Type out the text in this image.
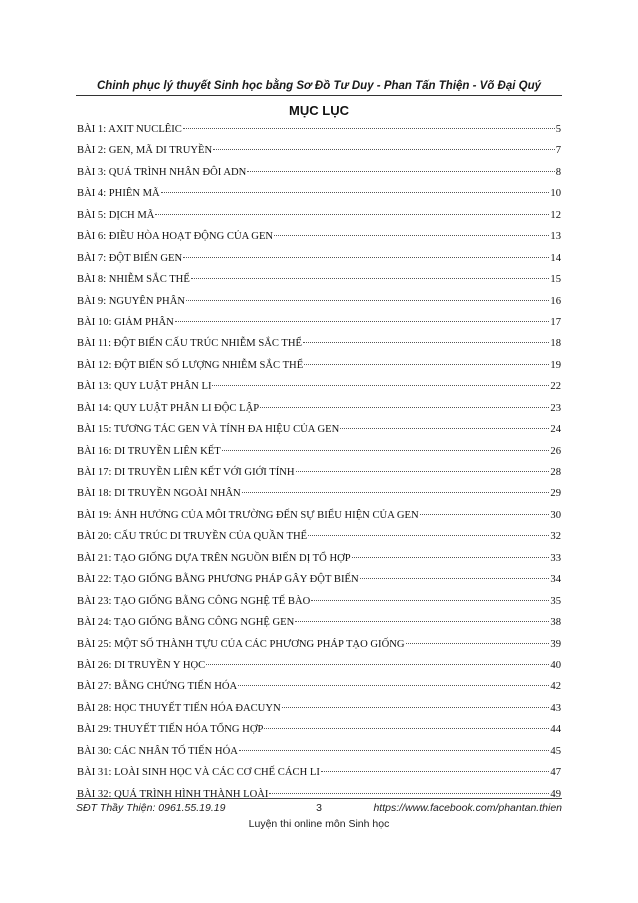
Chinh phục lý thuyết Sinh học bằng Sơ Đồ Tư Duy - Phan Tấn Thiện - Võ Đại Quý
MỤC LỤC
BÀI 1: AXIT NUCLÊIC	5
BÀI 2: GEN, MÃ DI TRUYỀN	7
BÀI 3: QUÁ TRÌNH NHÂN ĐÔI ADN	8
BÀI 4: PHIÊN MÃ	10
BÀI 5: DỊCH MÃ	12
BÀI 6: ĐIỀU HÒA HOẠT ĐỘNG CỦA GEN	13
BÀI 7: ĐỘT BIẾN GEN	14
BÀI 8: NHIỄM SẮC THỂ	15
BÀI 9: NGUYÊN PHÂN	16
BÀI 10: GIẢM PHÂN	17
BÀI 11: ĐỘT BIẾN CẤU TRÚC NHIỄM SẮC THỂ	18
BÀI 12: ĐỘT BIẾN SỐ LƯỢNG NHIỄM SẮC THỂ	19
BÀI 13: QUY LUẬT PHÂN LI	22
BÀI 14: QUY LUẬT PHÂN LI ĐỘC LẬP	23
BÀI 15: TƯƠNG TÁC GEN VÀ TÍNH ĐA HIỆU CỦA GEN	24
BÀI 16: DI TRUYỀN LIÊN KẾT	26
BÀI 17: DI TRUYỀN LIÊN KẾT VỚI GIỚI TÍNH	28
BÀI 18: DI TRUYỀN NGOÀI NHÂN	29
BÀI 19: ẢNH HƯỞNG CỦA MÔI TRƯỜNG ĐẾN SỰ BIỂU HIỆN CỦA GEN	30
BÀI 20: CẤU TRÚC DI TRUYỀN CỦA QUẦN THỂ	32
BÀI 21: TẠO GIỐNG DỰA TRÊN NGUỒN BIẾN DỊ TỔ HỢP	33
BÀI 22: TẠO GIỐNG BẰNG PHƯƠNG PHÁP GÂY ĐỘT BIẾN	34
BÀI 23: TẠO GIỐNG BẰNG CÔNG NGHỆ TẾ BÀO	35
BÀI 24: TẠO GIỐNG BẰNG CÔNG NGHỆ GEN	38
BÀI 25: MỘT SỐ THÀNH TỰU CỦA CÁC PHƯƠNG PHÁP TẠO GIỐNG	39
BÀI 26: DI TRUYỀN Y HỌC	40
BÀI 27: BẰNG CHỨNG TIẾN HÓA	42
BÀI 28: HỌC THUYẾT TIẾN HÓA ĐACUYN	43
BÀI 29: THUYẾT TIẾN HÓA TỔNG HỢP	44
BÀI 30: CÁC NHÂN TỐ TIẾN HÓA	45
BÀI 31: LOÀI SINH HỌC VÀ CÁC CƠ CHẾ CÁCH LI	47
BÀI 32: QUÁ TRÌNH HÌNH THÀNH LOÀI	49
SĐT Thầy Thiện: 0961.55.19.19	3	https://www.facebook.com/phantan.thien
Luyện thi online môn Sinh học
